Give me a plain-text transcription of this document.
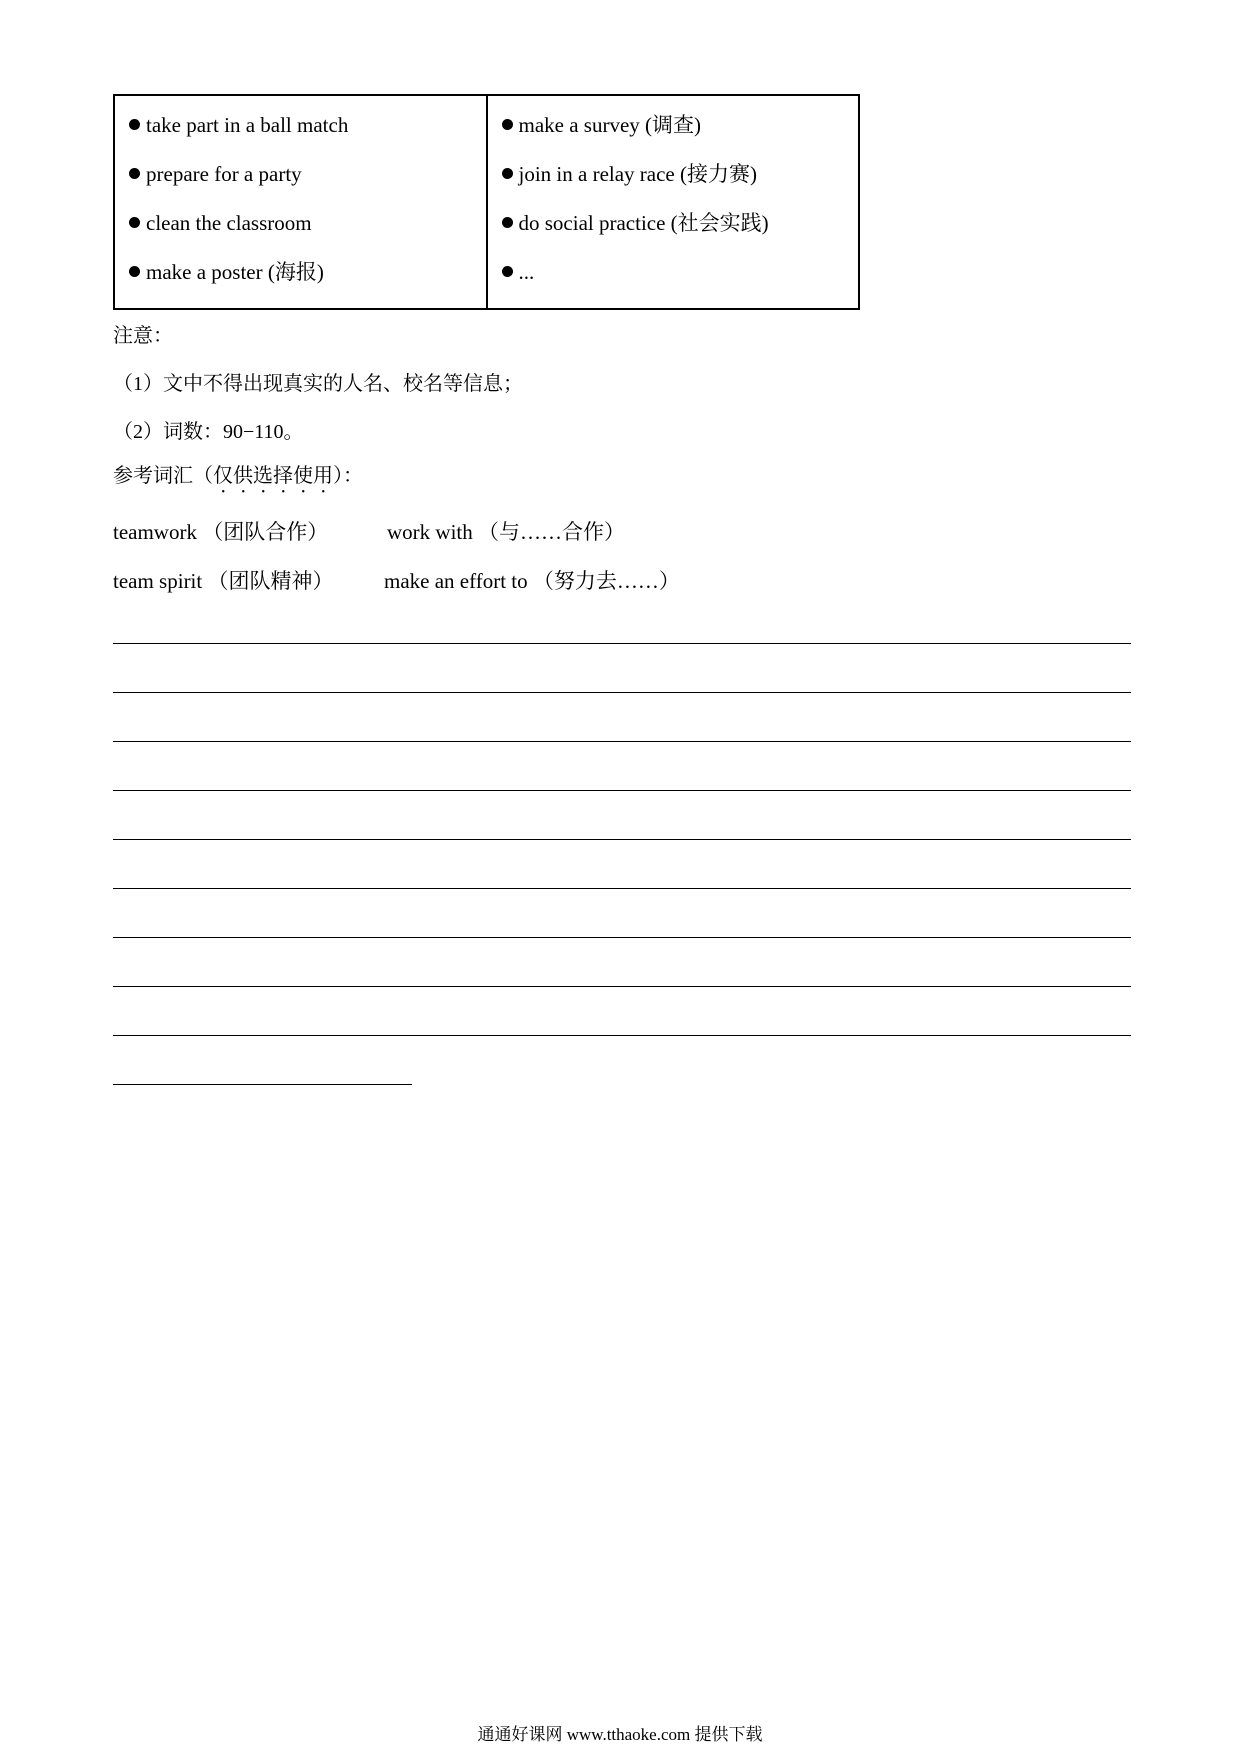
take part in a ball match
prepare for a party
clean the classroom
make a poster (海报)
make a survey (调查)
join in a relay race (接力赛)
do social practice (社会实践)
...
注意：
（1）文中不得出现真实的人名、校名等信息；
（2）词数：90−110。
参考词汇（仅供选择使用）：
teamwork （团队合作）	work with （与……合作）
team spirit （团队精神） make an effort to （努力去……）
通通好课网 www.tthaoke.com 提供下载
